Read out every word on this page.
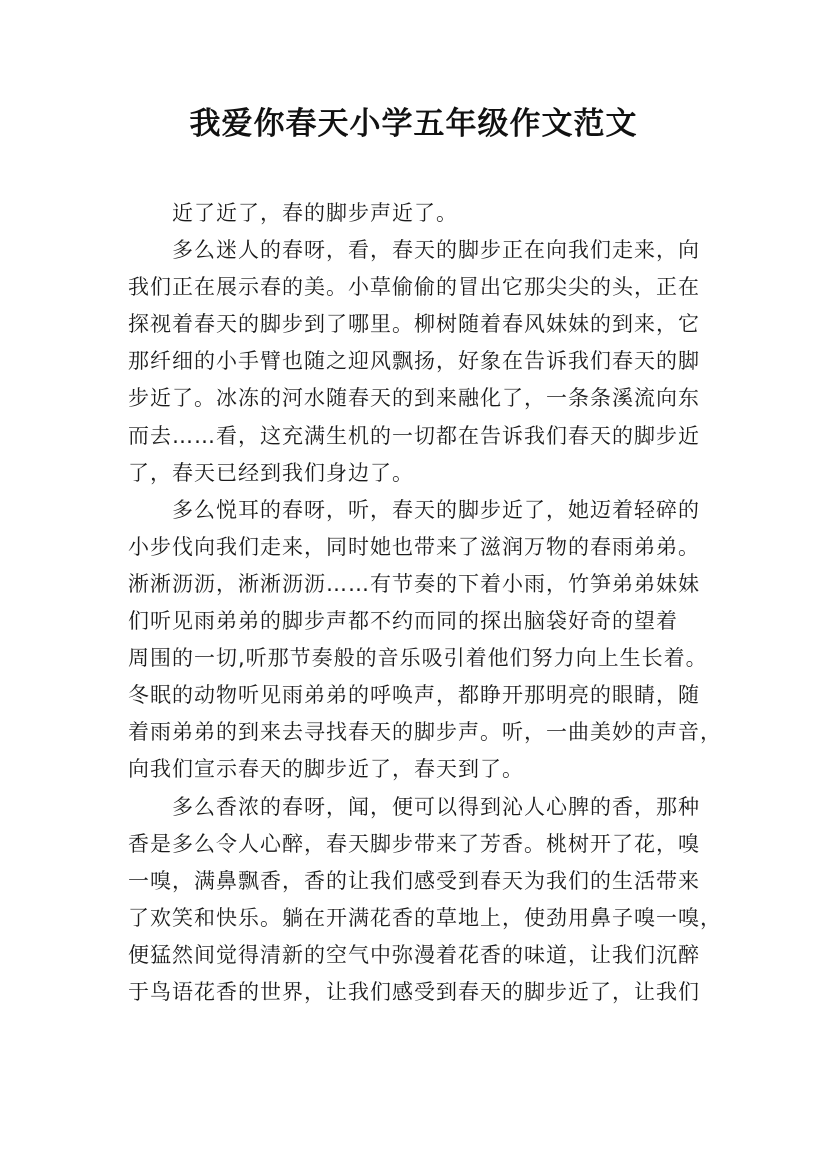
我爱你春天小学五年级作文范文

近了近了，春的脚步声近了。

多么迷人的春呀，看，春天的脚步正在向我们走来，向

我们正在展示春的美。小草偷偷的冒出它那尖尖的头，正在

探视着春天的脚步到了哪里。柳树随着春风妹妹的到来，它

那纤细的小手臂也随之迎风飘扬，好象在告诉我们春天的脚

步近了。冰冻的河水随春天的到来融化了，一条条溪流向东

而去……看，这充满生机的一切都在告诉我们春天的脚步近

了，春天已经到我们身边了。

多么悦耳的春呀，听，春天的脚步近了，她迈着轻碎的

小步伐向我们走来，同时她也带来了滋润万物的春雨弟弟。

淅淅沥沥，淅淅沥沥……有节奏的下着小雨，竹笋弟弟妹妹

们听见雨弟弟的脚步声都不约而同的探出脑袋好奇的望着

周围的一切,听那节奏般的音乐吸引着他们努力向上生长着。

冬眠的动物听见雨弟弟的呼唤声，都睁开那明亮的眼睛，随

着雨弟弟的到来去寻找春天的脚步声。听，一曲美妙的声音，

向我们宣示春天的脚步近了，春天到了。

多么香浓的春呀，闻，便可以得到沁人心脾的香，那种

香是多么令人心醉，春天脚步带来了芳香。桃树开了花，嗅

一嗅，满鼻飘香，香的让我们感受到春天为我们的生活带来

了欢笑和快乐。躺在开满花香的草地上，使劲用鼻子嗅一嗅，

便猛然间觉得清新的空气中弥漫着花香的味道，让我们沉醉

于鸟语花香的世界，让我们感受到春天的脚步近了，让我们
